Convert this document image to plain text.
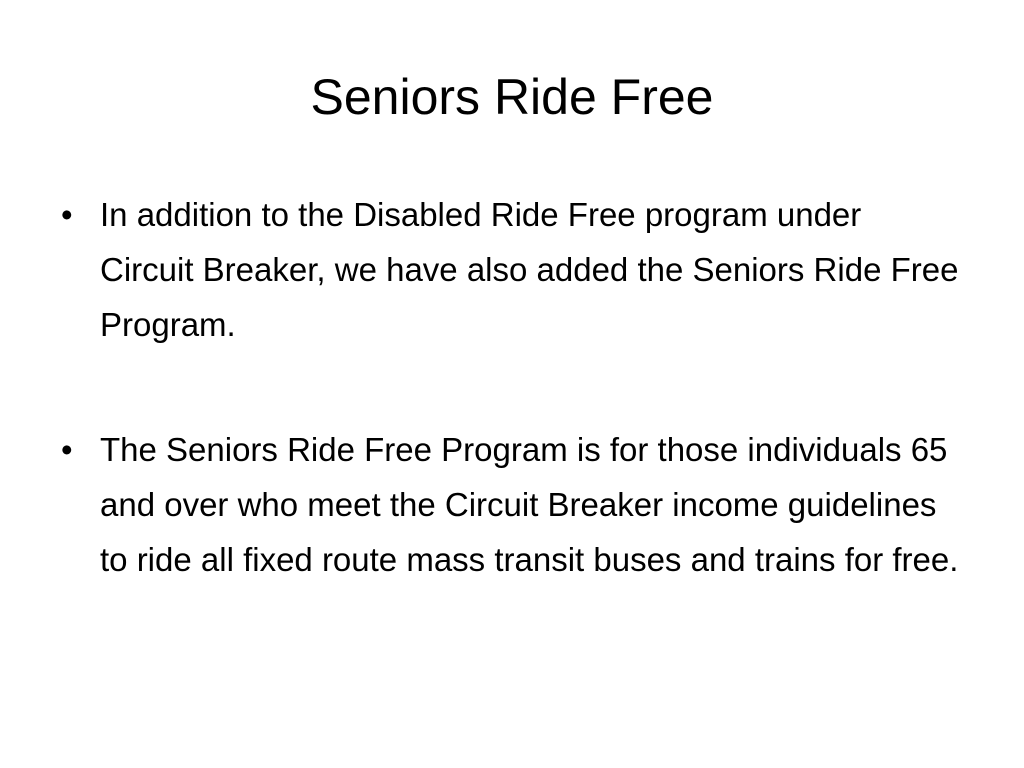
Seniors Ride Free
• In addition to the Disabled Ride Free program under Circuit Breaker, we have also added the Seniors Ride Free Program.
• The Seniors Ride Free Program is for those individuals 65 and over who meet the Circuit Breaker income guidelines to ride all fixed route mass transit buses and trains for free.
